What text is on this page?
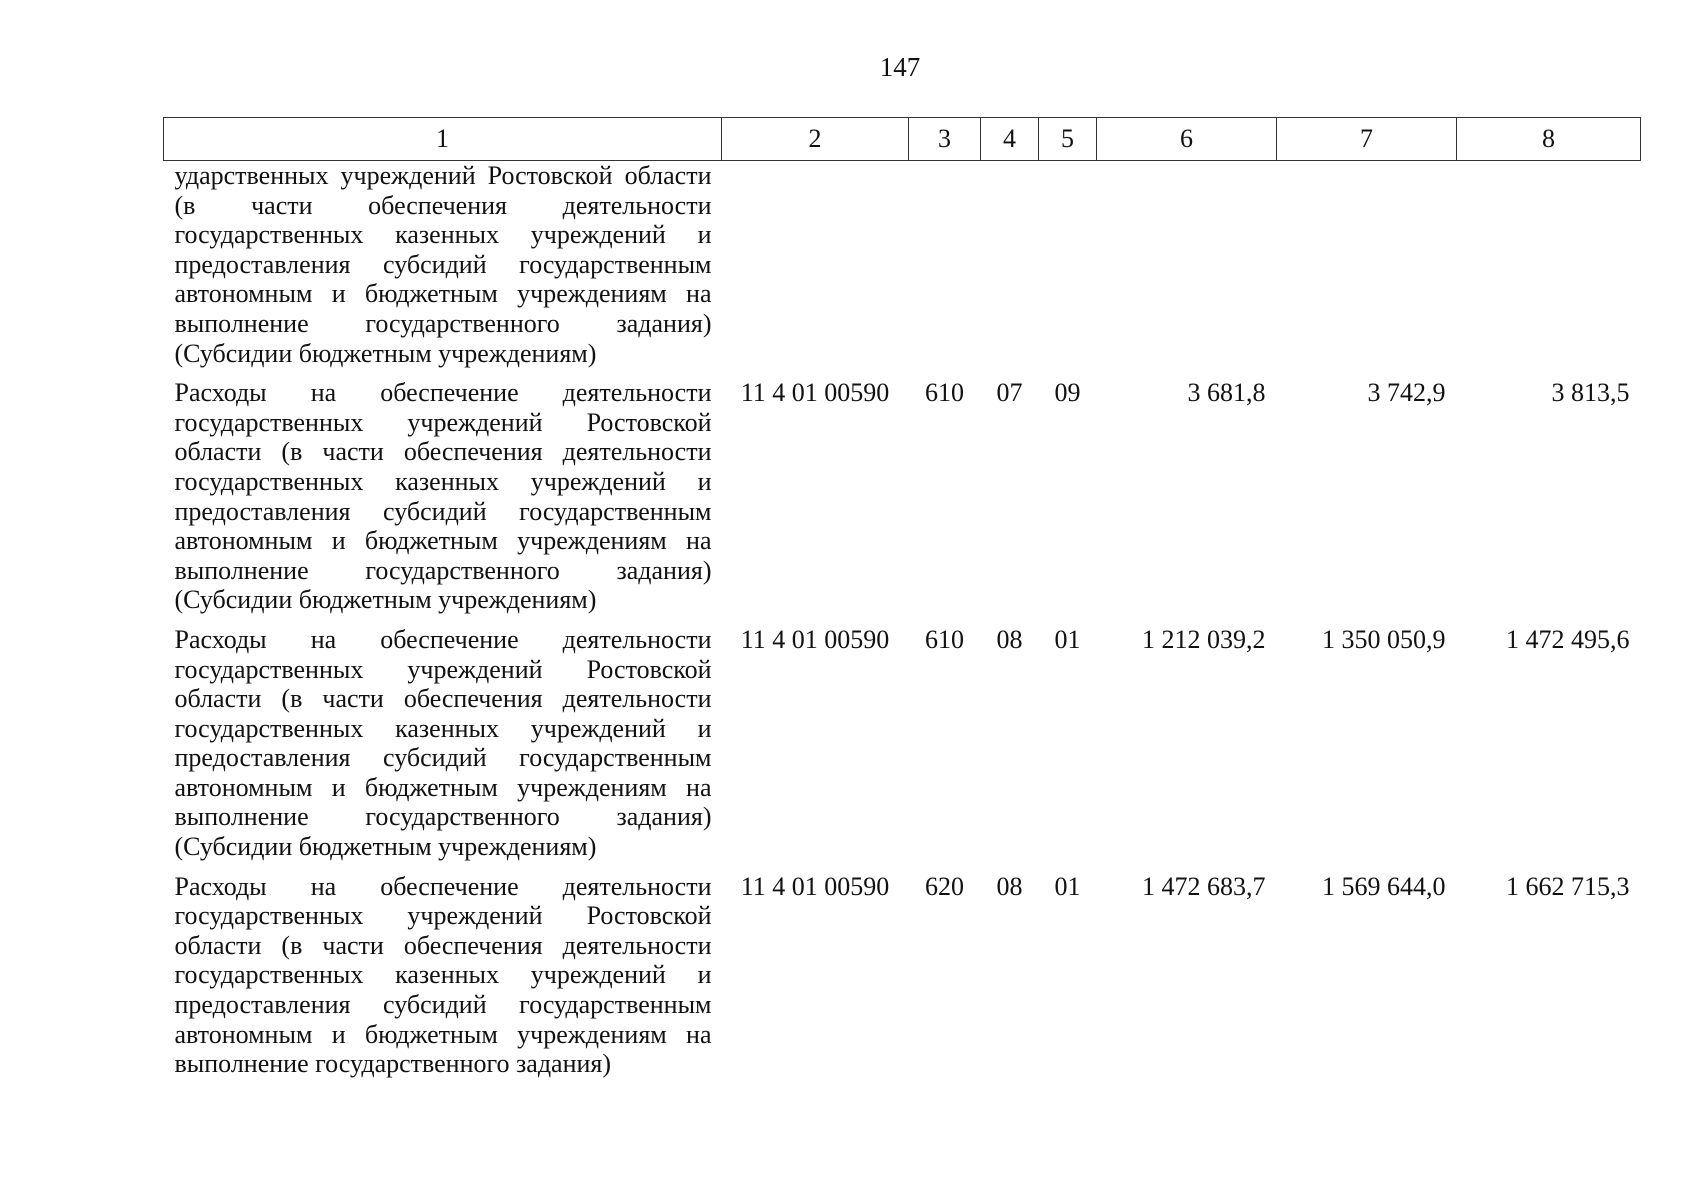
147
1	2	3	4	5	6	7	8
ударственных учреждений Ростовской области (в части обеспечения деятельности государственных казенных учреждений и предоставления субсидий государственным автономным и бюджетным учреждениям на выполнение государственного задания) (Субсидии бюджетным учреждениям)							
Расходы на обеспечение деятельности государственных учреждений Ростовской области (в части обеспечения деятельности государственных казенных учреждений и предоставления субсидий государственным автономным и бюджетным учреждениям на выполнение государственного задания) (Субсидии бюджетным учреждениям)	11 4 01 00590	610	07	09	3 681,8	3 742,9	3 813,5
Расходы на обеспечение деятельности государственных учреждений Ростовской области (в части обеспечения деятельности государственных казенных учреждений и предоставления субсидий государственным автономным и бюджетным учреждениям на выполнение государственного задания) (Субсидии бюджетным учреждениям)	11 4 01 00590	610	08	01	1 212 039,2	1 350 050,9	1 472 495,6
Расходы на обеспечение деятельности государственных учреждений Ростовской области (в части обеспечения деятельности государственных казенных учреждений и предоставления субсидий государственным автономным и бюджетным учреждениям на выполнение государственного задания)	11 4 01 00590	620	08	01	1 472 683,7	1 569 644,0	1 662 715,3
